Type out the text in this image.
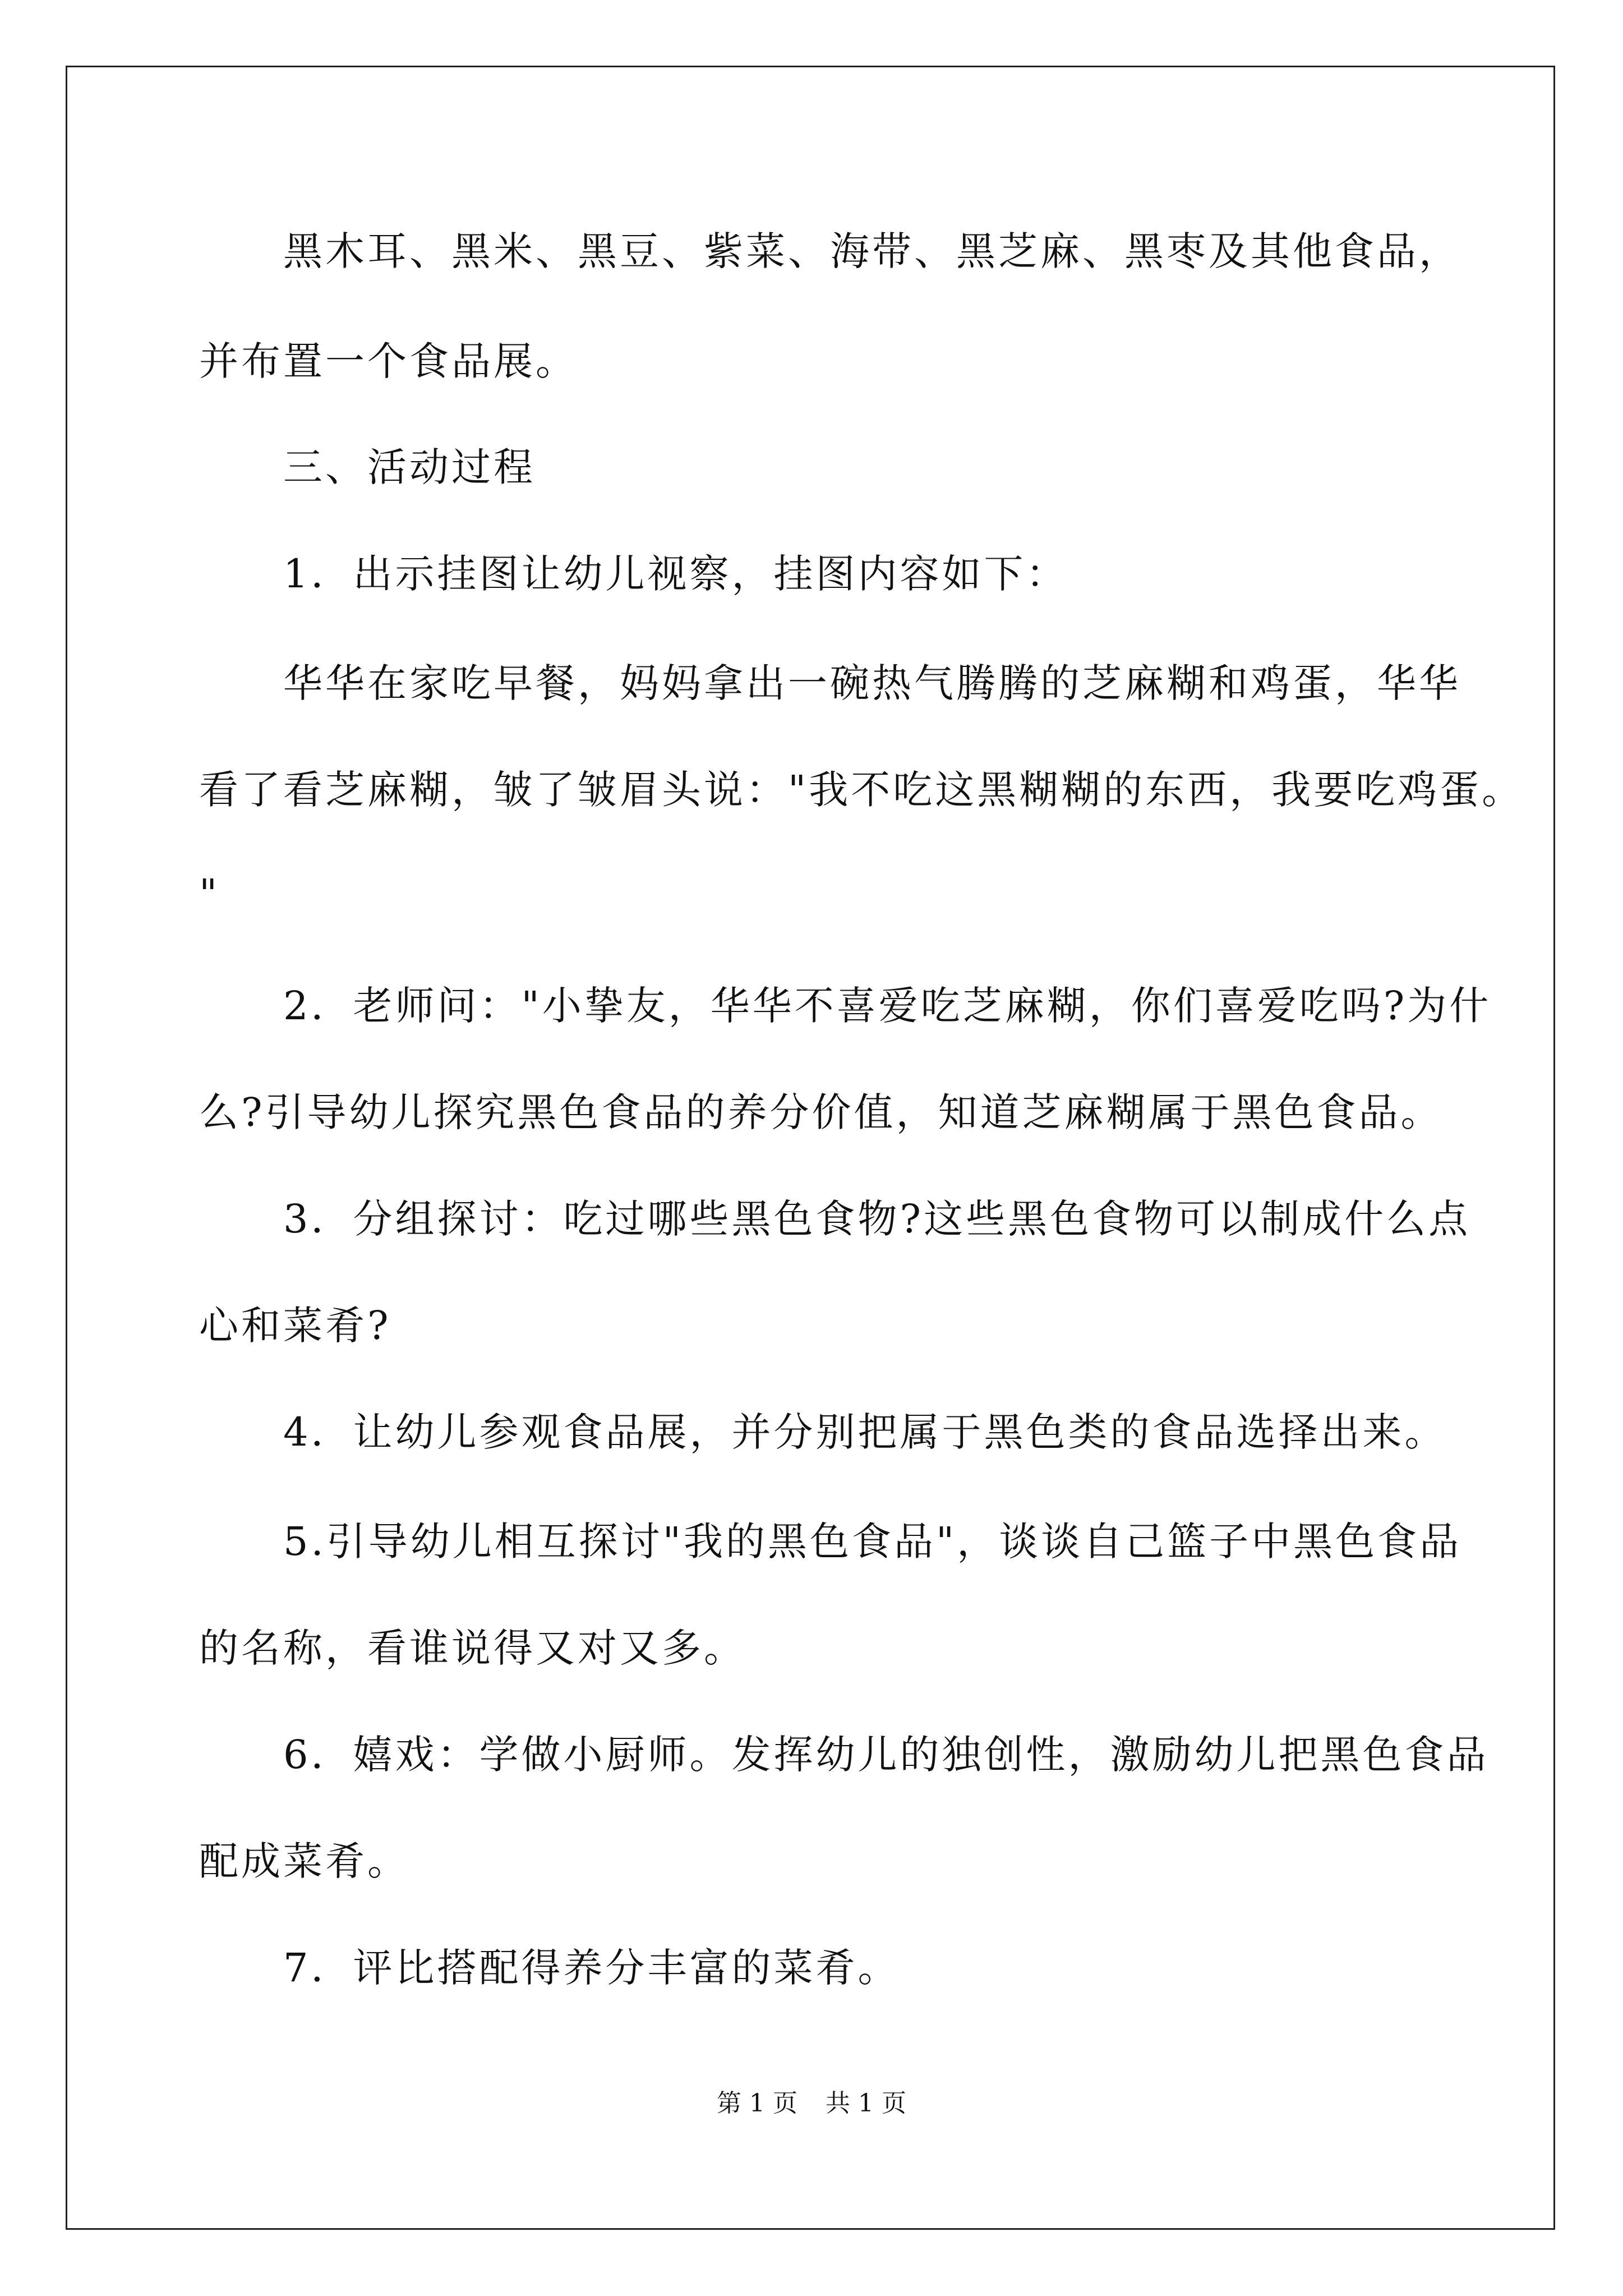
黑木耳、黑米、黑豆、紫菜、海带、黑芝麻、黑枣及其他食品，
并布置一个食品展。
三、活动过程
1．出示挂图让幼儿视察，挂图内容如下：
华华在家吃早餐，妈妈拿出一碗热气腾腾的芝麻糊和鸡蛋，华华
看了看芝麻糊，皱了皱眉头说："我不吃这黑糊糊的东西，我要吃鸡蛋。
"
2．老师问："小挚友，华华不喜爱吃芝麻糊，你们喜爱吃吗?为什
么?引导幼儿探究黑色食品的养分价值，知道芝麻糊属于黑色食品。
3．分组探讨：吃过哪些黑色食物?这些黑色食物可以制成什么点
心和菜肴?
4．让幼儿参观食品展，并分别把属于黑色类的食品选择出来。
5.引导幼儿相互探讨"我的黑色食品"，谈谈自己篮子中黑色食品
的名称，看谁说得又对又多。
6．嬉戏：学做小厨师。发挥幼儿的独创性，激励幼儿把黑色食品
配成菜肴。
7．评比搭配得养分丰富的菜肴。
第 1 页 共 1 页
